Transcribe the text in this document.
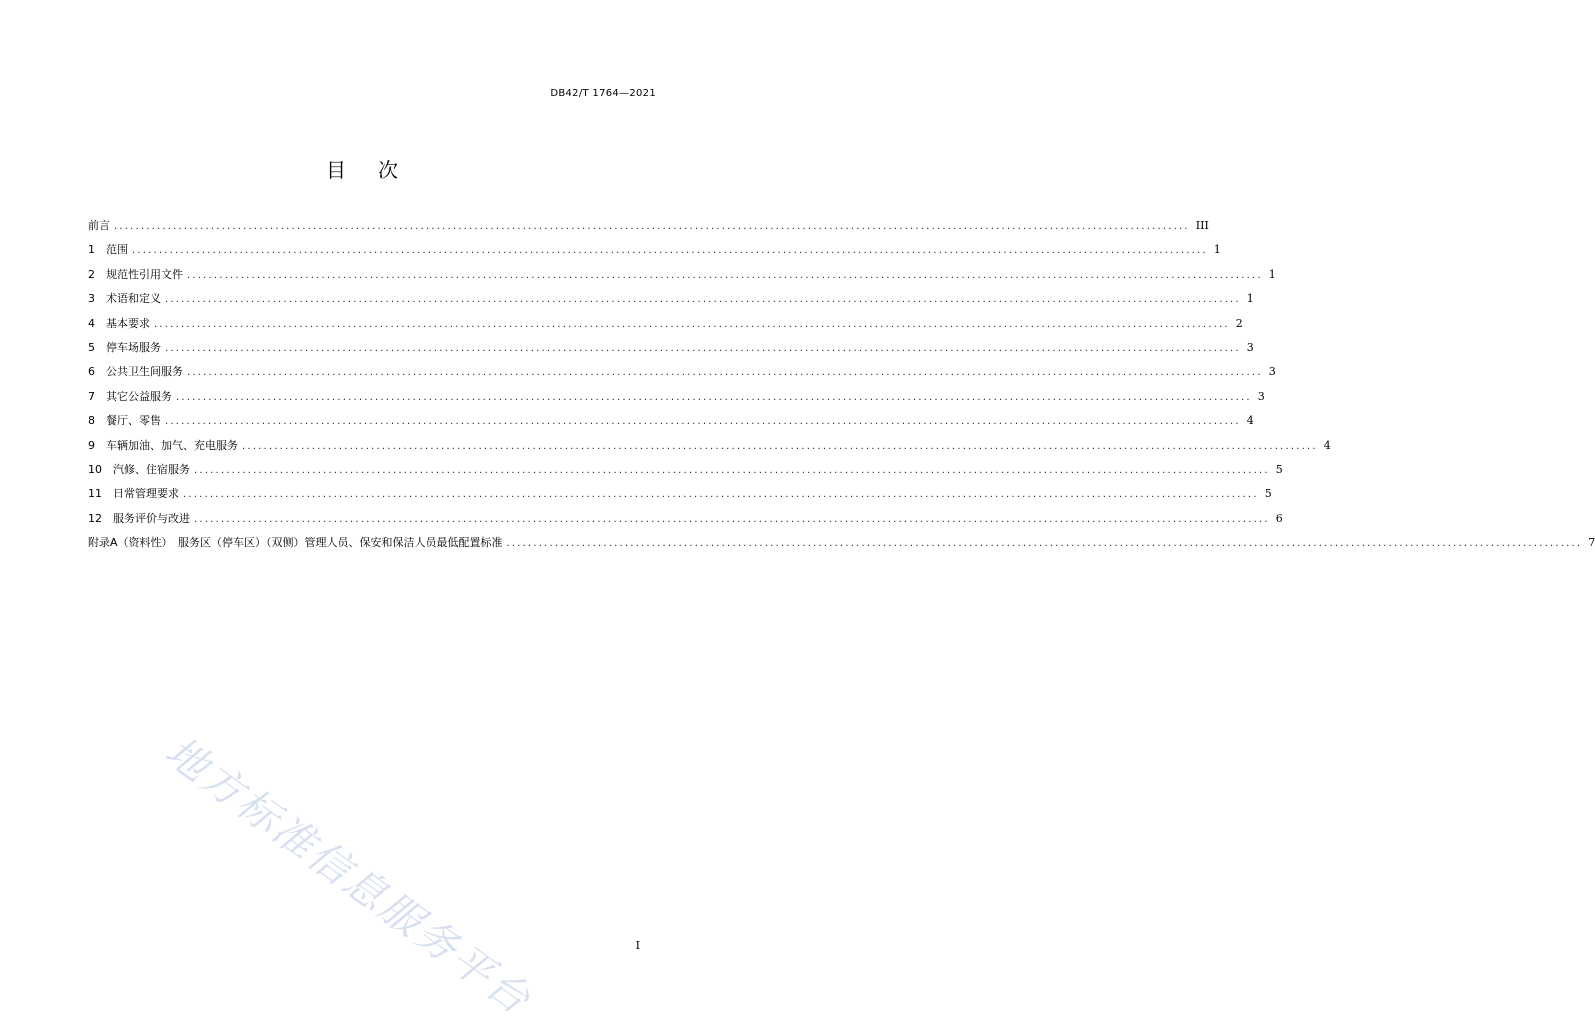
DB42/T 1764—2021
目次
前言 ........................................................................................................................................................................................................ III
1　范围 ........................................................................................................................................................................................................ 1
2　规范性引用文件 ........................................................................................................................................................................................................ 1
3　术语和定义 ........................................................................................................................................................................................................ 1
4　基本要求 ........................................................................................................................................................................................................ 2
5　停车场服务 ........................................................................................................................................................................................................ 3
6　公共卫生间服务 ........................................................................................................................................................................................................ 3
7　其它公益服务 ........................................................................................................................................................................................................ 3
8　餐厅、零售 ........................................................................................................................................................................................................ 4
9　车辆加油、加气、充电服务 ........................................................................................................................................................................................................ 4
10　汽修、住宿服务 ........................................................................................................................................................................................................ 5
11　日常管理要求 ........................................................................................................................................................................................................ 5
12　服务评价与改进 ........................................................................................................................................................................................................ 6
附录A（资料性）　服务区（停车区）（双侧）管理人员、保安和保洁人员最低配置标准 ........................................................................................................................................................................................................ 7
地方标准信息服务平台	I
